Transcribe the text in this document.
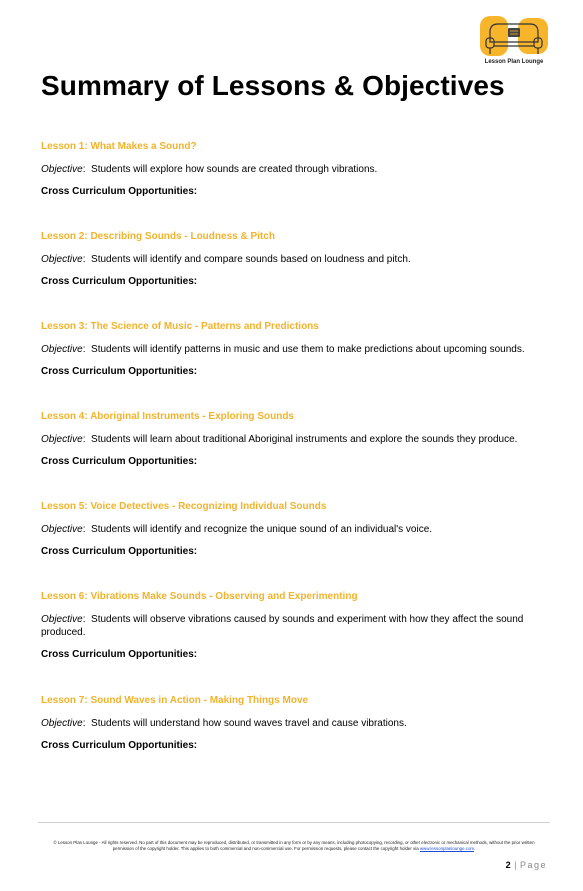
Lesson Plan Lounge
Summary of Lessons & Objectives
Lesson 1: What Makes a Sound?
Objective:  Students will explore how sounds are created through vibrations.
Cross Curriculum Opportunities:
Lesson 2: Describing Sounds - Loudness & Pitch
Objective:  Students will identify and compare sounds based on loudness and pitch.
Cross Curriculum Opportunities:
Lesson 3: The Science of Music - Patterns and Predictions
Objective:  Students will identify patterns in music and use them to make predictions about upcoming sounds.
Cross Curriculum Opportunities:
Lesson 4: Aboriginal Instruments - Exploring Sounds
Objective:  Students will learn about traditional Aboriginal instruments and explore the sounds they produce.
Cross Curriculum Opportunities:
Lesson 5: Voice Detectives - Recognizing Individual Sounds
Objective:  Students will identify and recognize the unique sound of an individual's voice.
Cross Curriculum Opportunities:
Lesson 6: Vibrations Make Sounds - Observing and Experimenting
Objective:  Students will observe vibrations caused by sounds and experiment with how they affect the sound produced.
Cross Curriculum Opportunities:
Lesson 7: Sound Waves in Action - Making Things Move
Objective:  Students will understand how sound waves travel and cause vibrations.
Cross Curriculum Opportunities:
© Lesson Plan Lounge - All rights reserved. No part of this document may be reproduced, distributed, or transmitted in any form or by any means, including photocopying, recording, or other electronic or mechanical methods, without the prior written permission of the copyright holder. This applies to both commercial and non-commercial use. For permission requests, please contact the copyright holder via www.lessonplanlounge.com.
2 | Page
